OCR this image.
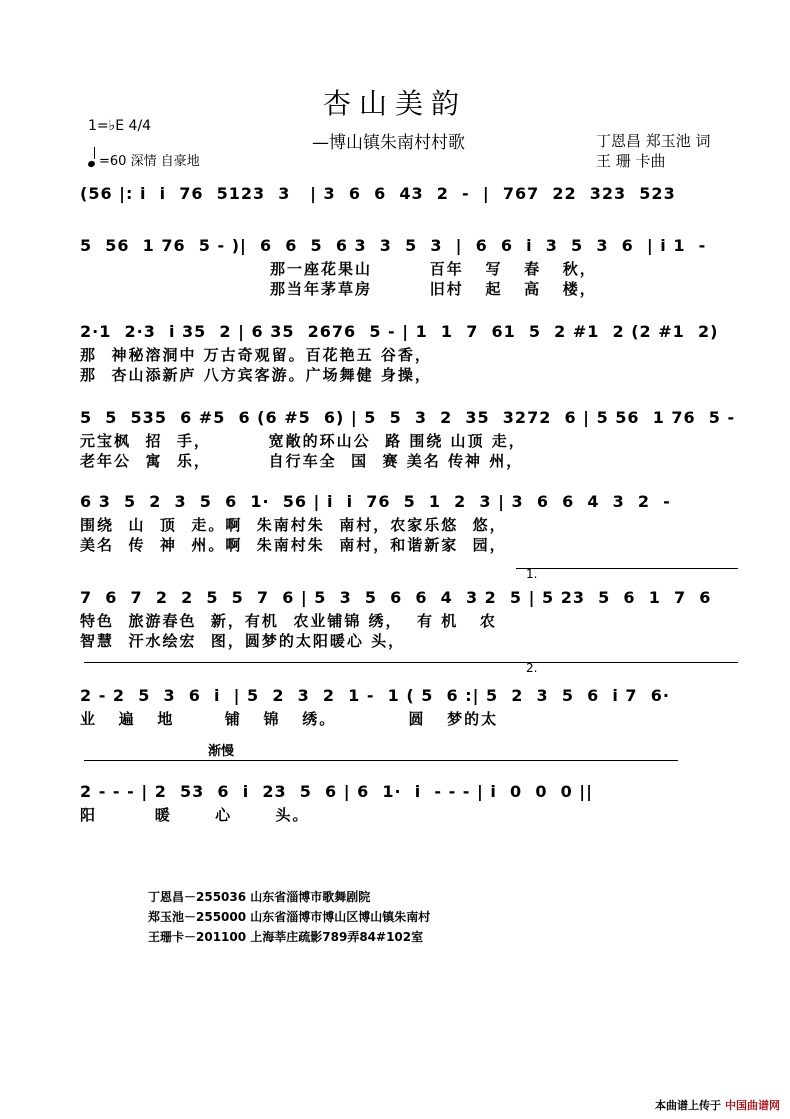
杏山美韵
—博山镇朱南村村歌	丁恩昌 郑玉池 词
王 珊 卡曲
1=♭E 4/4
=60 深情 自豪地
(56 |: i  i  76  5123  3   | 3  6  6  43  2  -  |  767  22  323  523
5  56  1 76  5 - )|  6  6  5  6 3  3  5  3  |  6  6  i  3  5  3  6  | i 1  -
那一座花果山        百年   写   春   秋，
那当年茅草房        旧村   起   高   楼，
2·1  2·3  i 35  2 | 6 35  2676  5 - | 1  1  7  61  5  2 #1  2 (2 #1  2)
那  神秘溶洞中 万古奇观留。百花艳五 谷香，
那  杏山添新庐 八方宾客游。广场舞健 身操，
5  5  535  6 #5  6 (6 #5  6) | 5  5  3  2  35  3272  6 | 5 56  1 76  5 -
元宝枫  招  手，        宽敞的环山公  路 围绕 山顶 走，
老年公  寓  乐，        自行车全  国  赛 美名 传神 州，
6 3  5  2  3  5  6  1·  56 | i  i  76  5  1  2  3 | 3  6  6  4  3  2  -
围绕  山  顶  走。啊  朱南村朱  南村，农家乐悠  悠，
美名  传  神  州。啊  朱南村朱  南村，和谐新家  园，
7  6  7  2  2  5  5  7  6 | 5  3  5  6  6  4  3 2  5 | 5 23  5  6  1  7  6
特色  旅游春色  新，有机  农业铺锦 绣，  有 机   农
智慧  汗水绘宏  图，圆梦的太阳暖心 头，
1.
2.
2 - 2  5  3  6  i  | 5  2  3  2  1 -  1 ( 5  6 :| 5  2  3  5  6  i 7  6·
业   遍   地       铺   锦   绣。          圆   梦的太
渐慢
2 - - - | 2  53  6  i  23  5  6 | 6  1·  i  - - - | i  0  0  0 ||
阳        暖      心      头。
丁恩昌－255036 山东省淄博市歌舞剧院
郑玉池－255000 山东省淄博市博山区博山镇朱南村
王珊卡－201100 上海莘庄疏影789弄84#102室
本曲谱上传于 中国曲谱网
